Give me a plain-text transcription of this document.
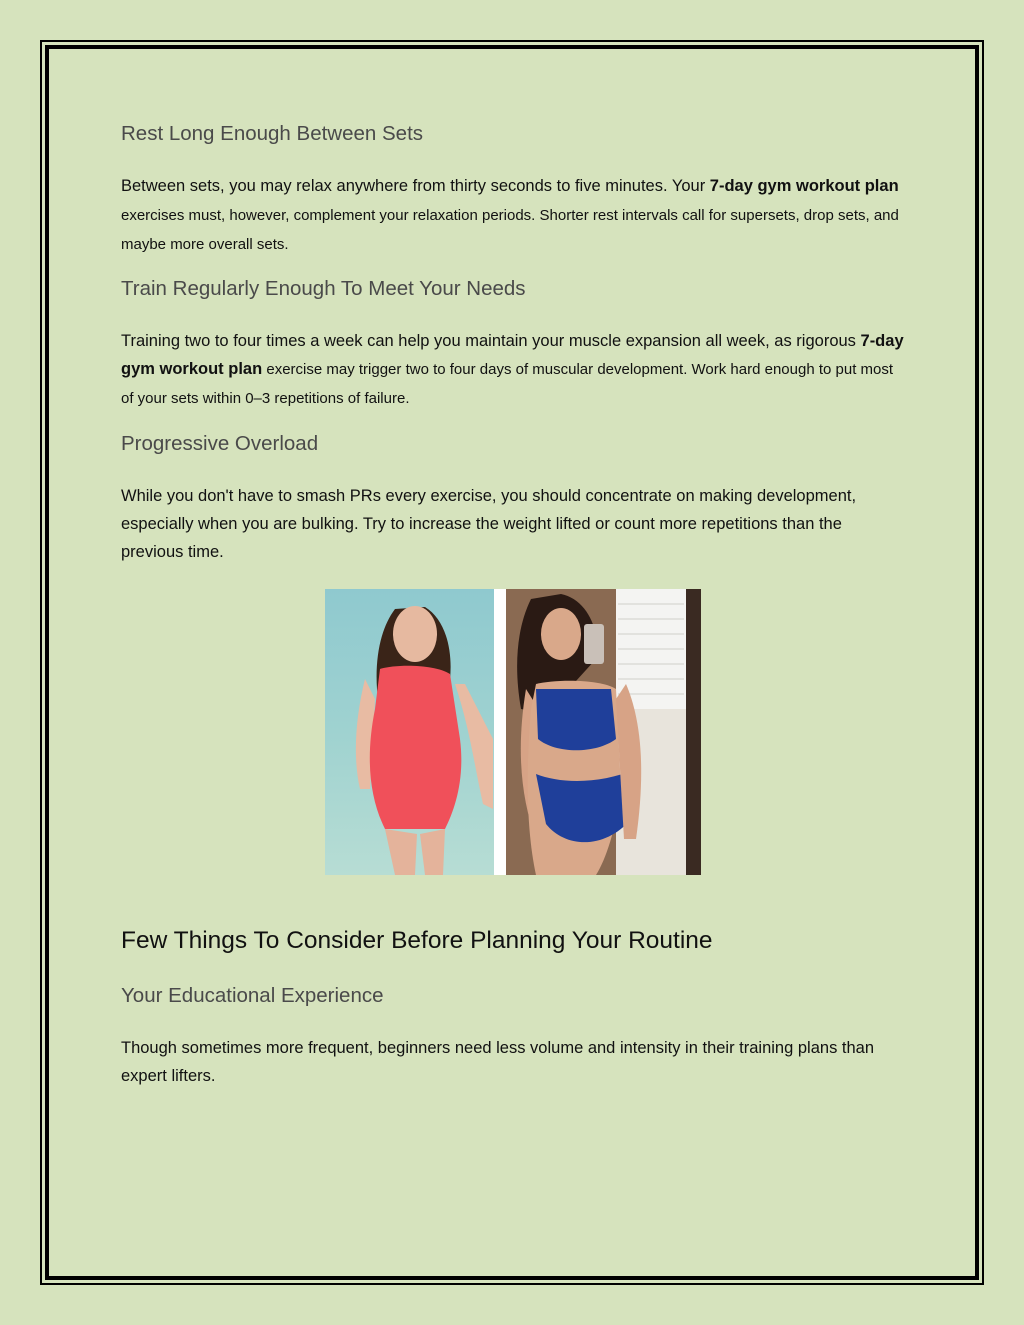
Rest Long Enough Between Sets

Between sets, you may relax anywhere from thirty seconds to five minutes. Your 7-day gym workout plan exercises must, however, complement your relaxation periods. Shorter rest intervals call for supersets, drop sets, and maybe more overall sets.

Train Regularly Enough To Meet Your Needs

Training two to four times a week can help you maintain your muscle expansion all week, as rigorous 7-day gym workout plan exercise may trigger two to four days of muscular development. Work hard enough to put most of your sets within 0–3 repetitions of failure.

Progressive Overload

While you don't have to smash PRs every exercise, you should concentrate on making development, especially when you are bulking. Try to increase the weight lifted or count more repetitions than the previous time.

Few Things To Consider Before Planning Your Routine
Your Educational Experience

Though sometimes more frequent, beginners need less volume and intensity in their training plans than expert lifters.
